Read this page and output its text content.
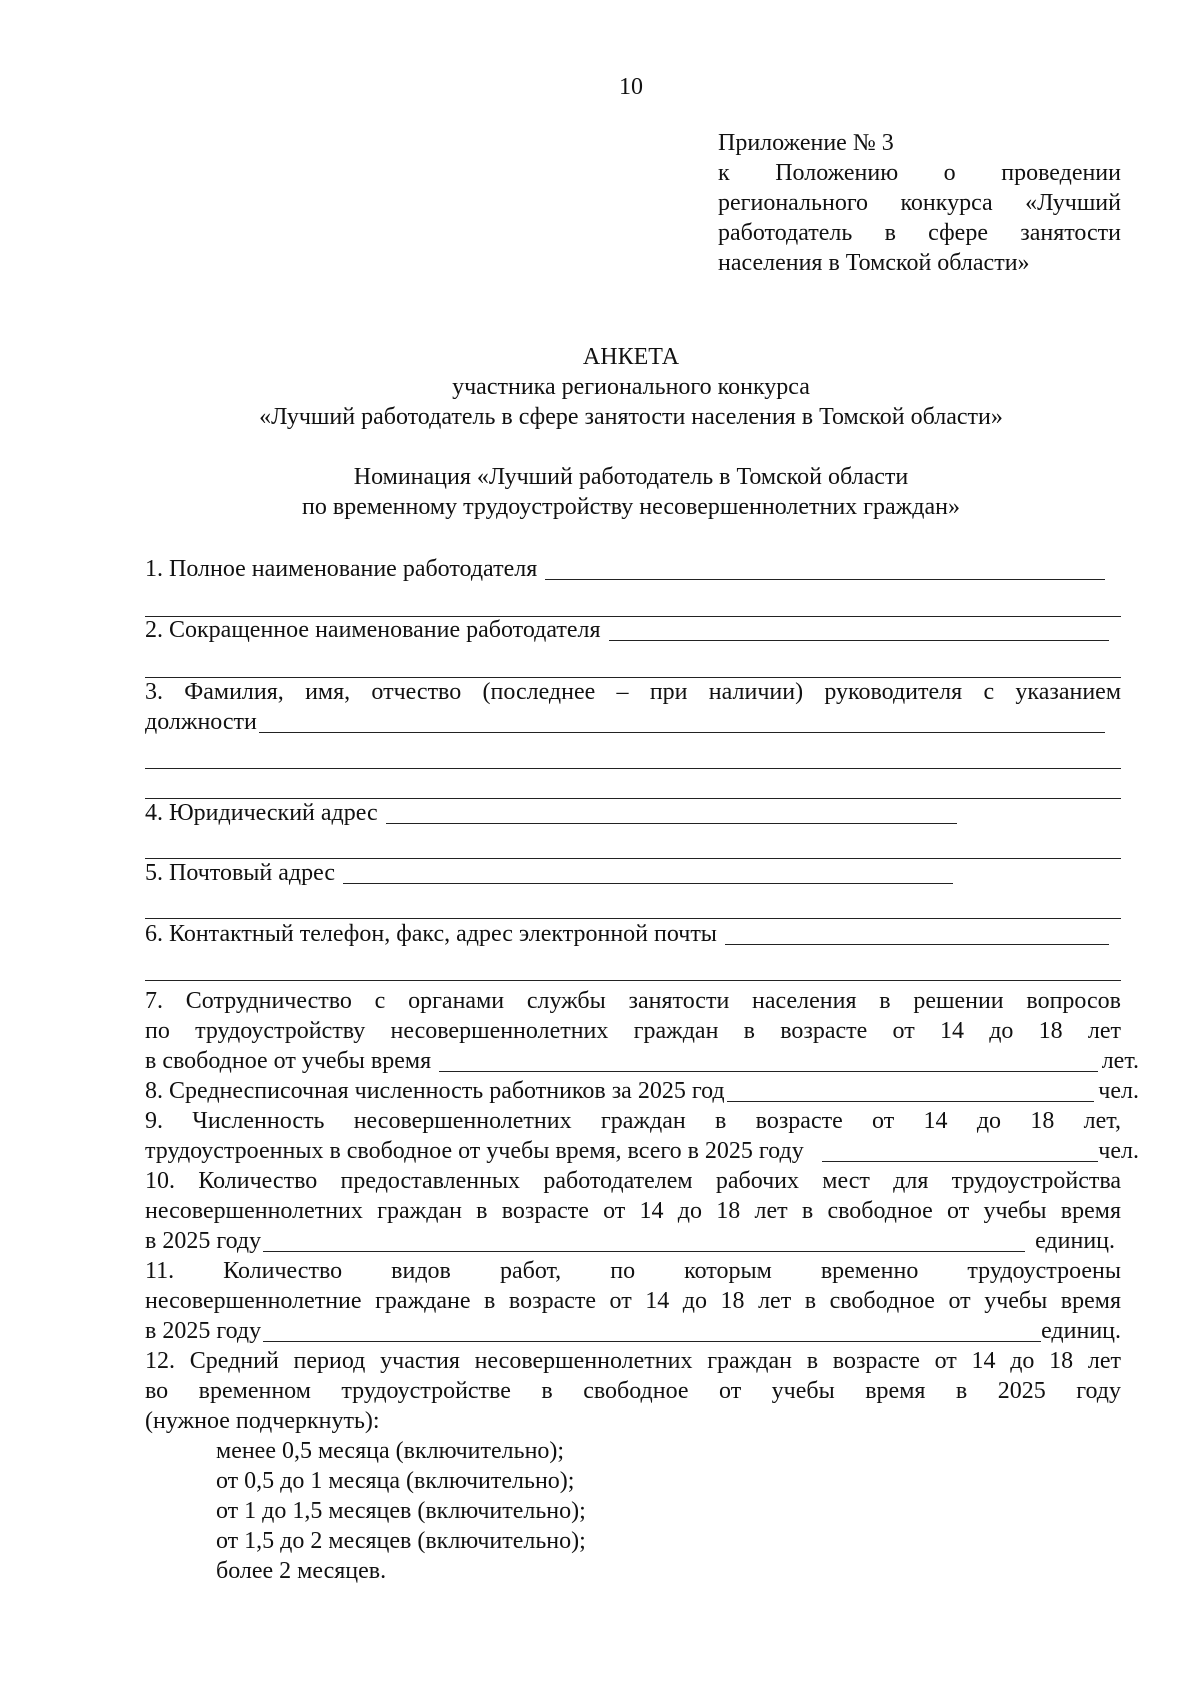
10
Приложение № 3
к Положению о проведении
регионального конкурса «Лучший
работодатель в сфере занятости
населения в Томской области»
АНКЕТА
участника регионального конкурса
«Лучший работодатель в сфере занятости населения в Томской области»
Номинация «Лучший работодатель в Томской области
по временному трудоустройству несовершеннолетних граждан»
1. Полное наименование работодателя
2. Сокращенное наименование работодателя
3. Фамилия, имя, отчество (последнее – при наличии) руководителя с указанием
должности
4. Юридический адрес
5. Почтовый адрес
6. Контактный телефон, факс, адрес электронной почты
7. Сотрудничество с органами службы занятости населения в решении вопросов
по трудоустройству несовершеннолетних граждан в возрасте от 14 до 18 лет
в свободное от учебы время	лет.
8. Среднесписочная численность работников за 2025 год	чел.
9. Численность несовершеннолетних граждан в возрасте от 14 до 18 лет,
трудоустроенных в свободное от учебы время, всего в 2025 году	чел.
10. Количество предоставленных работодателем рабочих мест для трудоустройства
несовершеннолетних граждан в возрасте от 14 до 18 лет в свободное от учебы время
в 2025 году	единиц.
11. Количество видов работ, по которым временно трудоустроены
несовершеннолетние граждане в возрасте от 14 до 18 лет в свободное от учебы время
в 2025 году	единиц.
12. Средний период участия несовершеннолетних граждан в возрасте от 14 до 18 лет
во временном трудоустройстве в свободное от учебы время в 2025 году
(нужное подчеркнуть):
менее 0,5 месяца (включительно);
от 0,5 до 1 месяца (включительно);
от 1 до 1,5 месяцев (включительно);
от 1,5 до 2 месяцев (включительно);
более 2 месяцев.
